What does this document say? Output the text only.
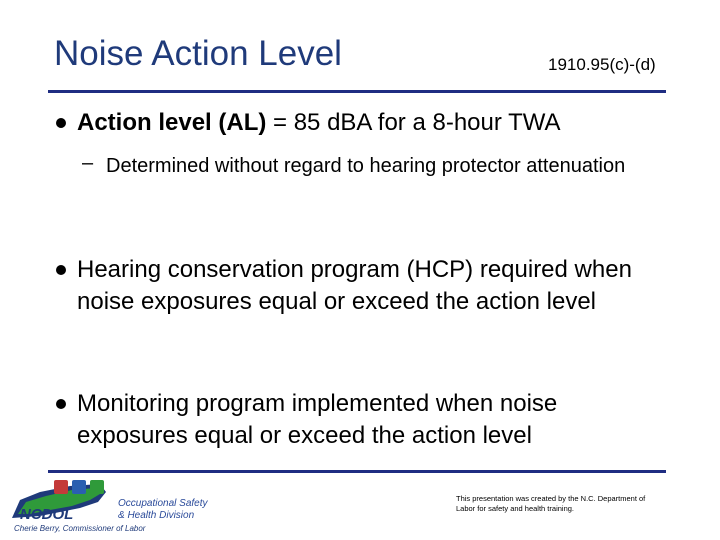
Noise Action Level	1910.95(c)-(d)
Action level (AL) = 85 dBA for a 8-hour TWA
– Determined without regard to hearing protector attenuation
Hearing conservation program (HCP) required when noise exposures equal or exceed the action level
Monitoring program implemented when noise exposures equal or exceed the action level
NCDOL
Occupational Safety
& Health Division
Cherie Berry, Commissioner of Labor
This presentation was created by the N.C. Department of Labor for safety and health training.
